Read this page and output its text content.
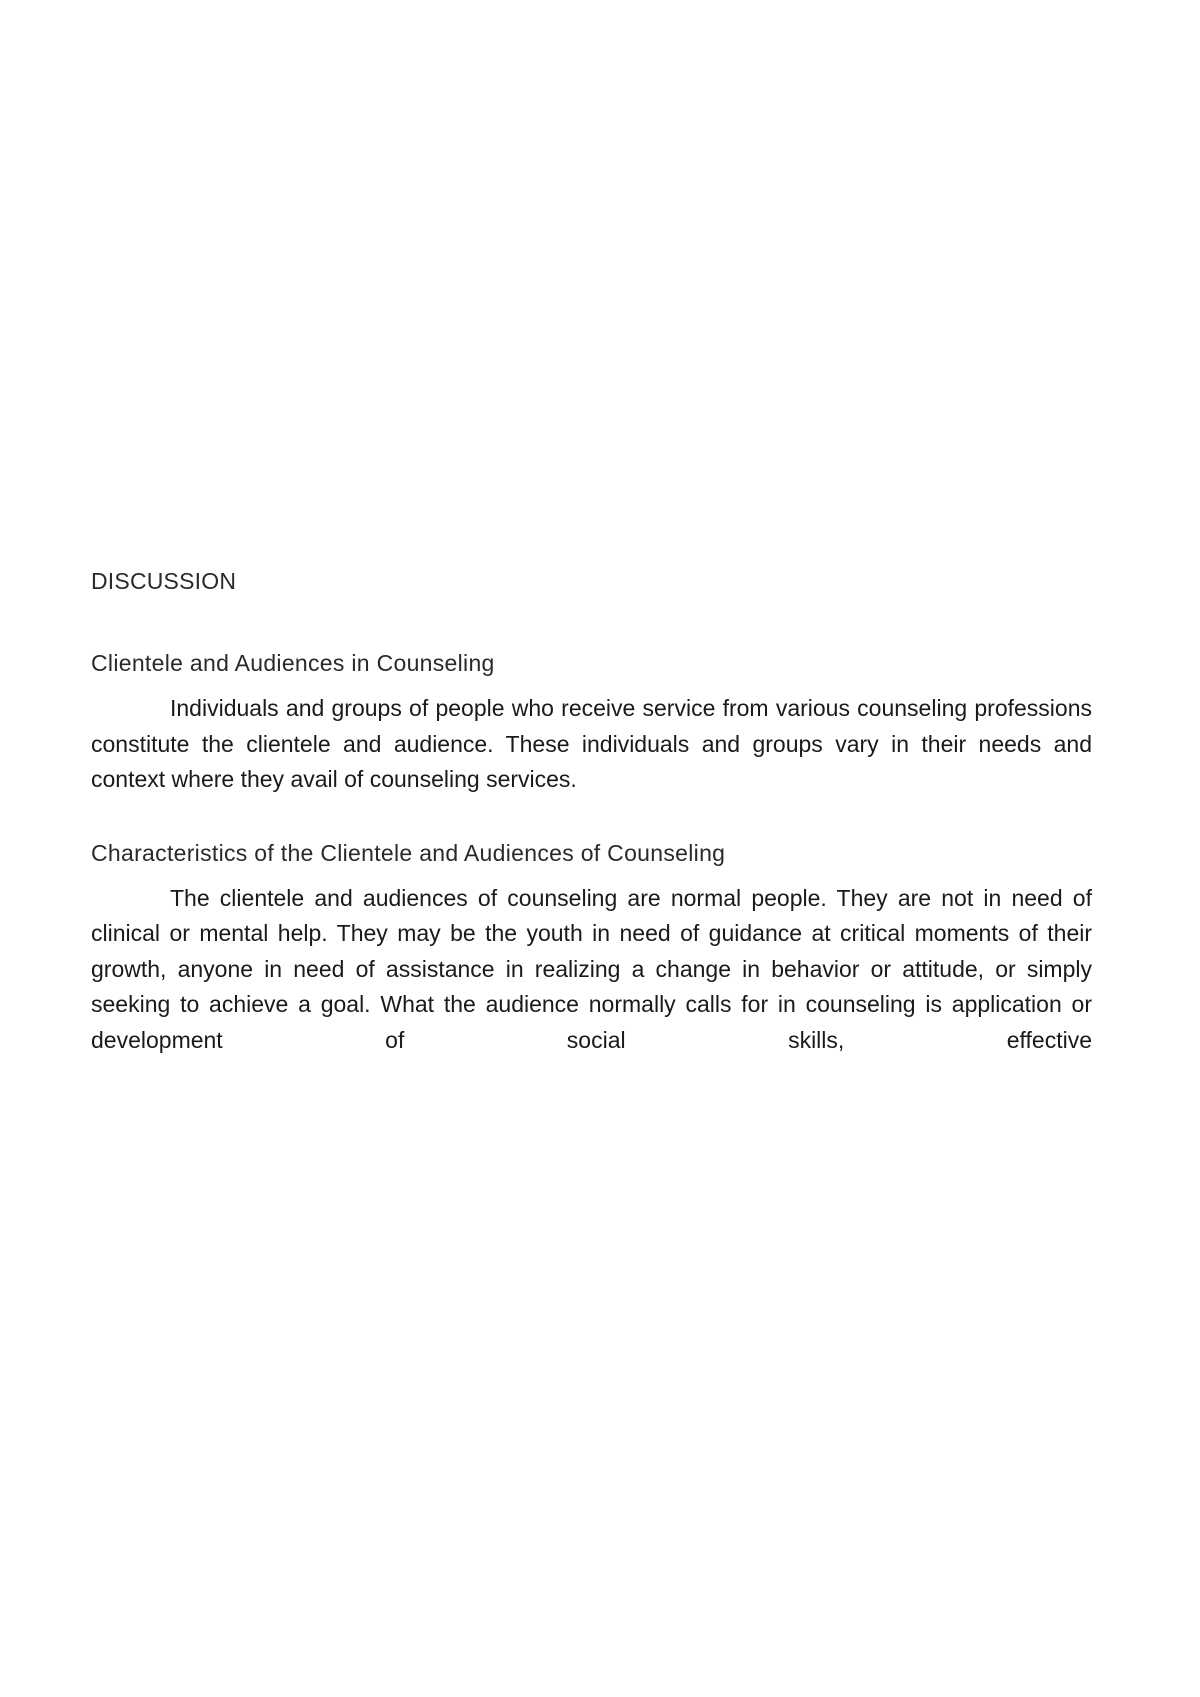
DISCUSSION
Clientele and Audiences in Counseling

Individuals and groups of people who receive service from various counseling professions constitute the clientele and audience. These individuals and groups vary in their needs and context where they avail of counseling services.

Characteristics of the Clientele and Audiences of Counseling

The clientele and audiences of counseling are normal people. They are not in need of clinical or mental help. They may be the youth in need of guidance at critical moments of their growth, anyone in need of assistance in realizing a change in behavior or attitude, or simply seeking to achieve a goal. What the audience normally calls for in counseling is application or development of social skills, effective
